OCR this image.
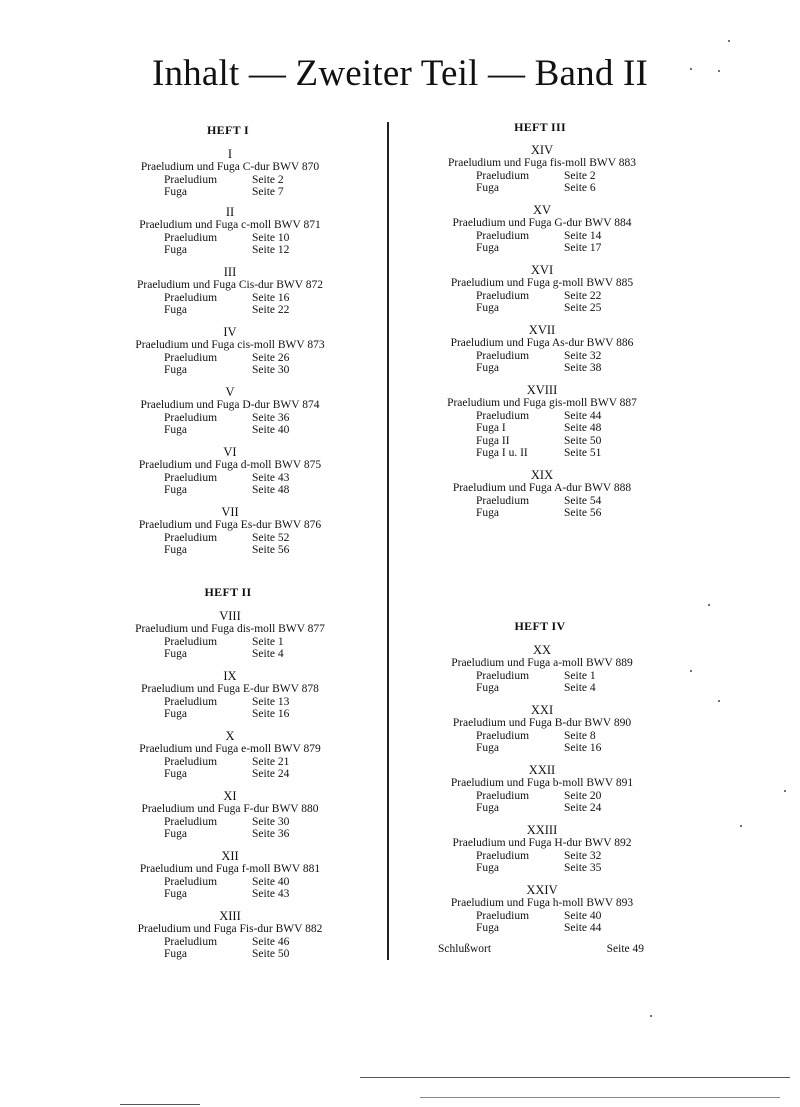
Inhalt — Zweiter Teil — Band II
HEFT I
HEFT II
HEFT III
HEFT IV
I
Praeludium und Fuga C-dur BWV 870
Praeludium	Seite 2
Fuga	Seite 7
II
Praeludium und Fuga c-moll BWV 871
Praeludium	Seite 10
Fuga	Seite 12
III
Praeludium und Fuga Cis-dur BWV 872
Praeludium	Seite 16
Fuga	Seite 22
IV
Praeludium und Fuga cis-moll BWV 873
Praeludium	Seite 26
Fuga	Seite 30
V
Praeludium und Fuga D-dur BWV 874
Praeludium	Seite 36
Fuga	Seite 40
VI
Praeludium und Fuga d-moll BWV 875
Praeludium	Seite 43
Fuga	Seite 48
VII
Praeludium und Fuga Es-dur BWV 876
Praeludium	Seite 52
Fuga	Seite 56
VIII
Praeludium und Fuga dis-moll BWV 877
Praeludium	Seite 1
Fuga	Seite 4
IX
Praeludium und Fuga E-dur BWV 878
Praeludium	Seite 13
Fuga	Seite 16
X
Praeludium und Fuga e-moll BWV 879
Praeludium	Seite 21
Fuga	Seite 24
XI
Praeludium und Fuga F-dur BWV 880
Praeludium	Seite 30
Fuga	Seite 36
XII
Praeludium und Fuga f-moll BWV 881
Praeludium	Seite 40
Fuga	Seite 43
XIII
Praeludium und Fuga Fis-dur BWV 882
Praeludium	Seite 46
Fuga	Seite 50
XIV
Praeludium und Fuga fis-moll BWV 883
Praeludium	Seite 2
Fuga	Seite 6
XV
Praeludium und Fuga G-dur BWV 884
Praeludium	Seite 14
Fuga	Seite 17
XVI
Praeludium und Fuga g-moll BWV 885
Praeludium	Seite 22
Fuga	Seite 25
XVII
Praeludium und Fuga As-dur BWV 886
Praeludium	Seite 32
Fuga	Seite 38
XVIII
Praeludium und Fuga gis-moll BWV 887
Praeludium	Seite 44
Fuga I	Seite 48
Fuga II	Seite 50
Fuga I u. II	Seite 51
XIX
Praeludium und Fuga A-dur BWV 888
Praeludium	Seite 54
Fuga	Seite 56
XX
Praeludium und Fuga a-moll BWV 889
Praeludium	Seite 1
Fuga	Seite 4
XXI
Praeludium und Fuga B-dur BWV 890
Praeludium	Seite 8
Fuga	Seite 16
XXII
Praeludium und Fuga b-moll BWV 891
Praeludium	Seite 20
Fuga	Seite 24
XXIII
Praeludium und Fuga H-dur BWV 892
Praeludium	Seite 32
Fuga	Seite 35
XXIV
Praeludium und Fuga h-moll BWV 893
Praeludium	Seite 40
Fuga	Seite 44
Schlußwort	Seite 49
